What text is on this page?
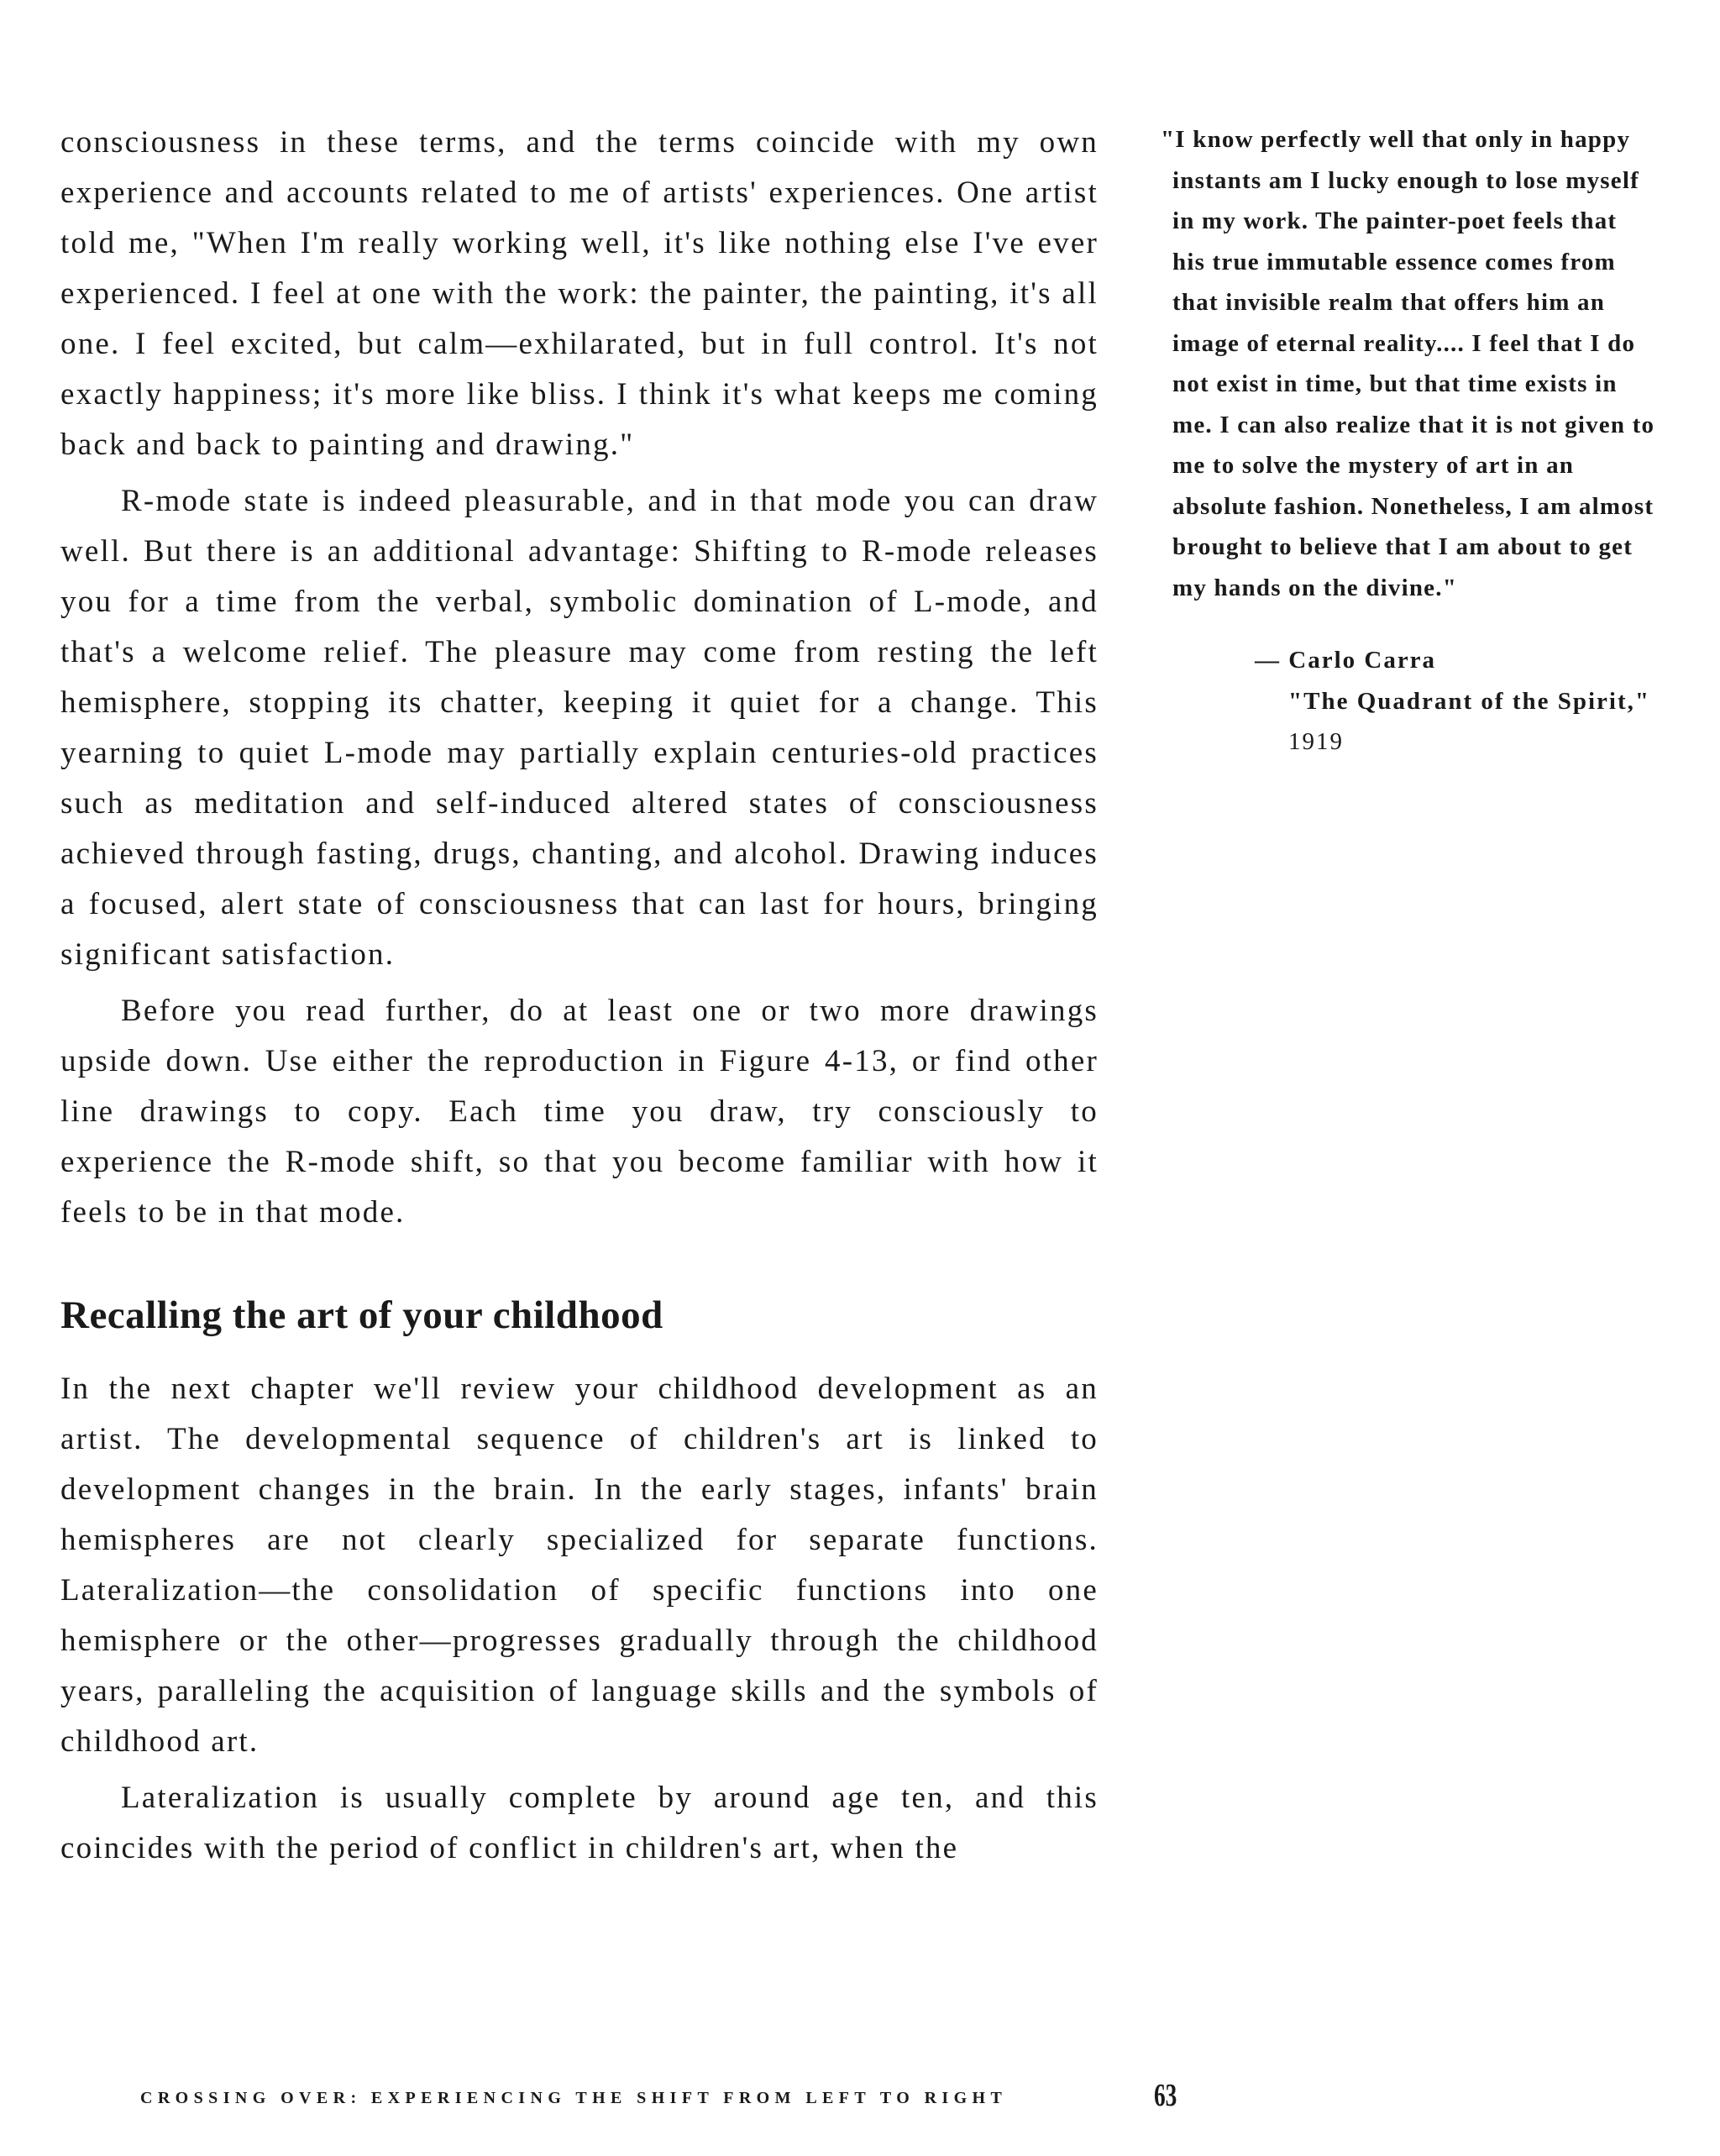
consciousness in these terms, and the terms coincide with my own experience and accounts related to me of artists' experiences. One artist told me, "When I'm really working well, it's like nothing else I've ever experienced. I feel at one with the work: the painter, the painting, it's all one. I feel excited, but calm—exhilarated, but in full control. It's not exactly happiness; it's more like bliss. I think it's what keeps me coming back and back to painting and drawing."

R-mode state is indeed pleasurable, and in that mode you can draw well. But there is an additional advantage: Shifting to R-mode releases you for a time from the verbal, symbolic domination of L-mode, and that's a welcome relief. The pleasure may come from resting the left hemisphere, stopping its chatter, keeping it quiet for a change. This yearning to quiet L-mode may partially explain centuries-old practices such as meditation and self-induced altered states of consciousness achieved through fasting, drugs, chanting, and alcohol. Drawing induces a focused, alert state of consciousness that can last for hours, bringing significant satisfaction.

Before you read further, do at least one or two more drawings upside down. Use either the reproduction in Figure 4-13, or find other line drawings to copy. Each time you draw, try consciously to experience the R-mode shift, so that you become familiar with how it feels to be in that mode.

Recalling the art of your childhood

In the next chapter we'll review your childhood development as an artist. The developmental sequence of children's art is linked to development changes in the brain. In the early stages, infants' brain hemispheres are not clearly specialized for separate functions. Lateralization—the consolidation of specific functions into one hemisphere or the other—progresses gradually through the childhood years, paralleling the acquisition of language skills and the symbols of childhood art.

Lateralization is usually complete by around age ten, and this coincides with the period of conflict in children's art, when the

"I know perfectly well that only in happy instants am I lucky enough to lose myself in my work. The painter-poet feels that his true immutable essence comes from that invisible realm that offers him an image of eternal reality.... I feel that I do not exist in time, but that time exists in me. I can also realize that it is not given to me to solve the mystery of art in an absolute fashion. Nonetheless, I am almost brought to believe that I am about to get my hands on the divine."

— Carlo Carra
"The Quadrant of the Spirit," 1919
CROSSING OVER: EXPERIENCING THE SHIFT FROM LEFT TO RIGHT	63
